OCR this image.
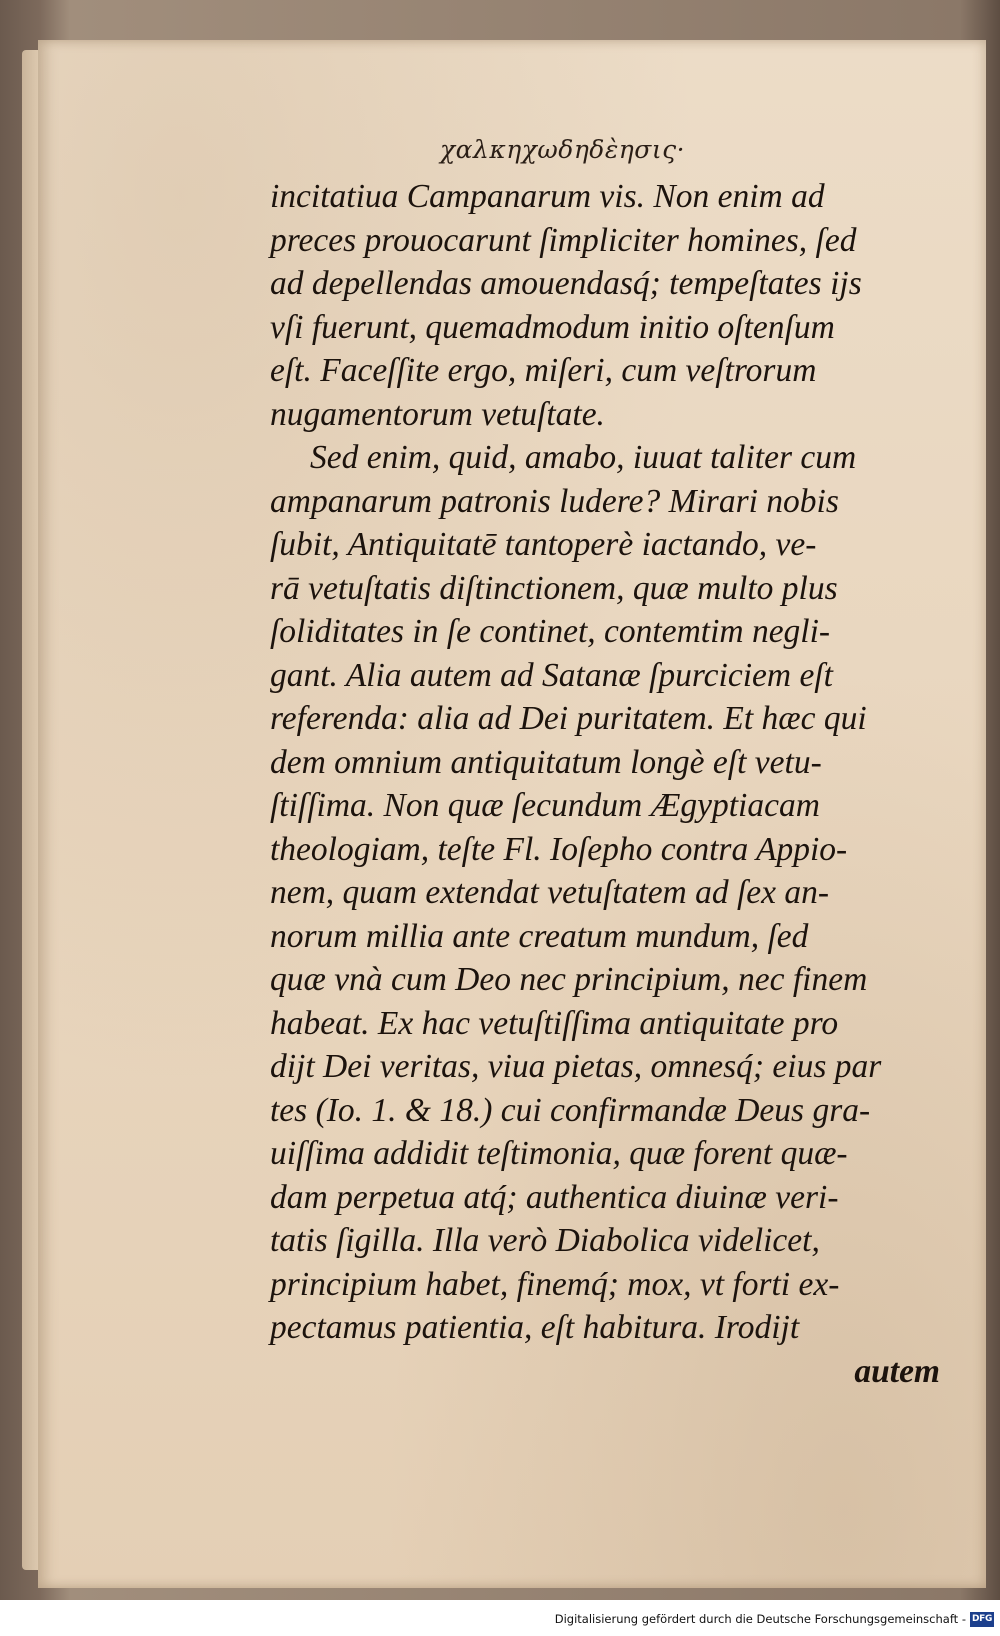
χαλκηχωδηδὲησις·
incitatiua Campanarum vis. Non enim ad
preces prouocarunt ſimpliciter homines, ſed
ad depellendas amouendasq́; tempeſtates ijs
vſi fuerunt, quemadmodum initio oſtenſum
eſt. Faceſſite ergo, miſeri, cum veſtrorum
nugamentorum vetuſtate.
Sed enim, quid, amabo, iuuat taliter cum
ampanarum patronis ludere? Mirari nobis
ſubit, Antiquitatē tantoperè iactando, ve-
rā vetuſtatis diſtinctionem, quæ multo plus
ſoliditates in ſe continet, contemtim negli-
gant. Alia autem ad Satanæ ſpurciciem eſt
referenda: alia ad Dei puritatem. Et hæc qui
dem omnium antiquitatum longè eſt vetu-
ſtiſſima. Non quæ ſecundum Ægyptiacam
theologiam, teſte Fl. Ioſepho contra Appio-
nem, quam extendat vetuſtatem ad ſex an-
norum millia ante creatum mundum, ſed
quæ vnà cum Deo nec principium, nec finem
habeat. Ex hac vetuſtiſſima antiquitate pro
dijt Dei veritas, viua pietas, omnesq́; eius par
tes (Io. 1. & 18.) cui confirmandæ Deus gra-
uiſſima addidit teſtimonia, quæ forent quæ-
dam perpetua atq́; authentica diuinæ veri-
tatis ſigilla. Illa verò Diabolica videlicet,
principium habet, finemq́; mox, vt forti ex-
pectamus patientia, eſt habitura. Irodijt
autem
Digitalisierung gefördert durch die Deutsche Forschungsgemeinschaft - DFG
